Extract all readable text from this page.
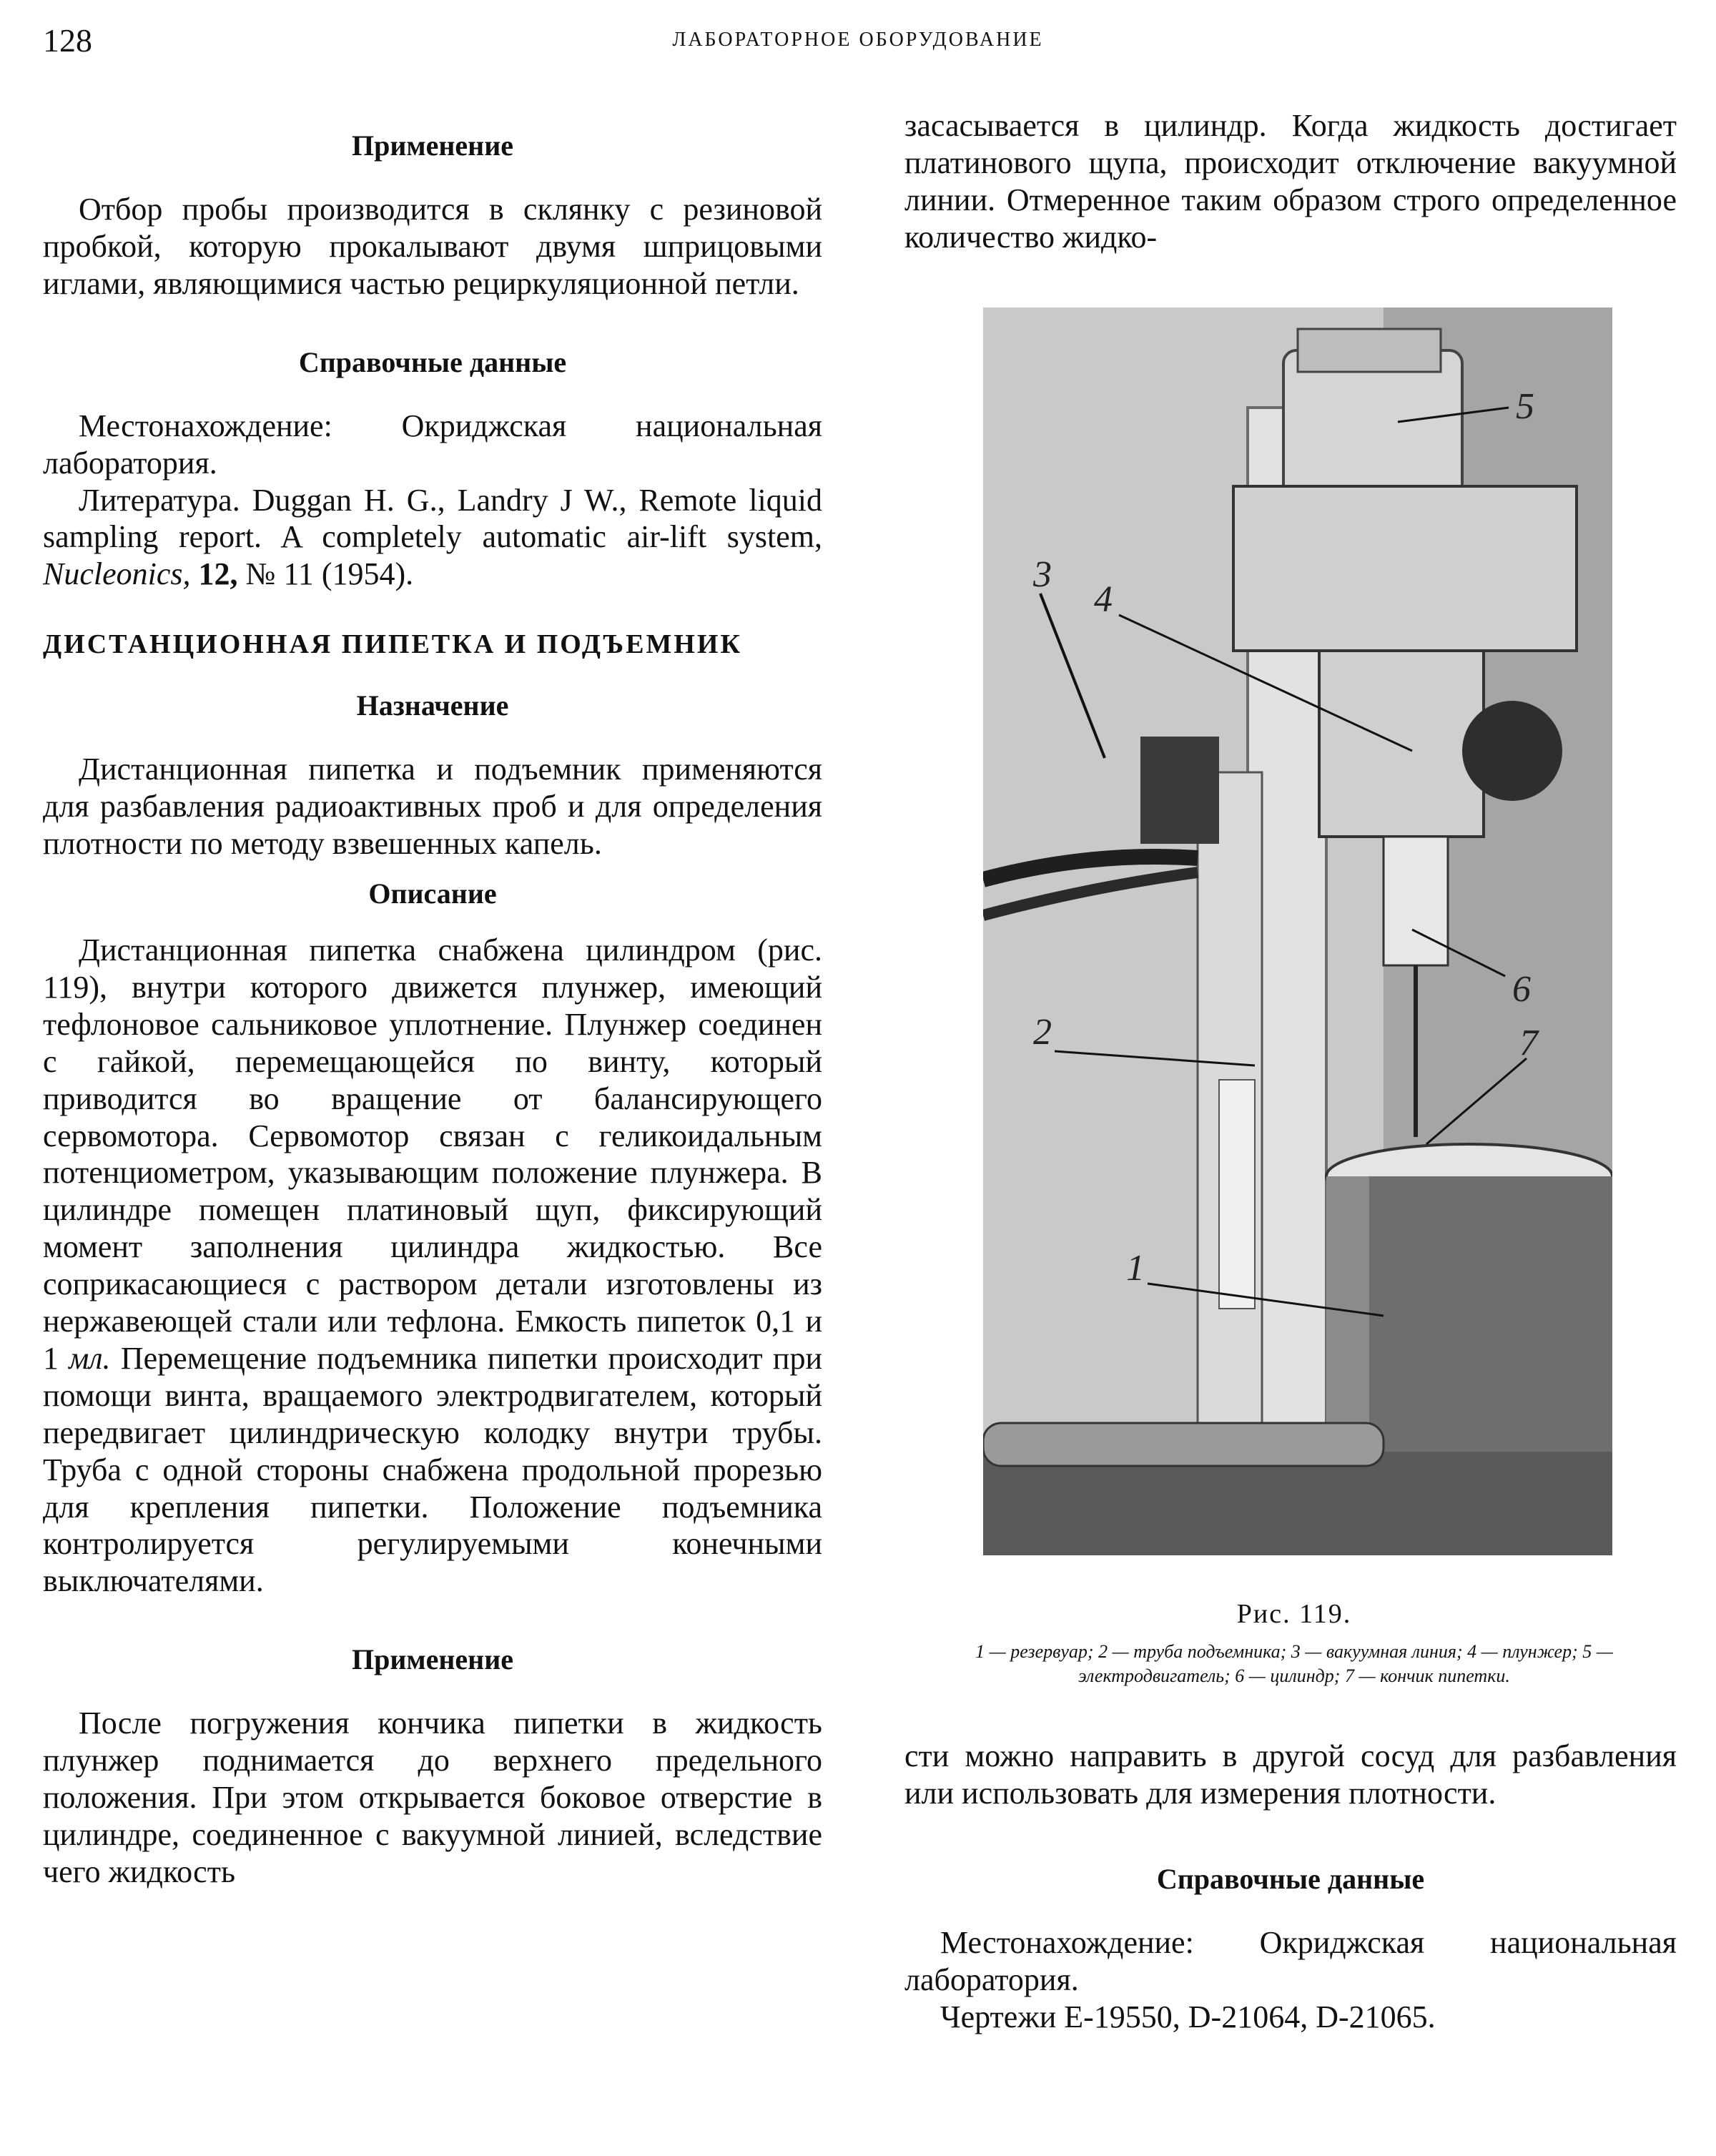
128	ЛАБОРАТОРНОЕ ОБОРУДОВАНИЕ
Применение

Отбор пробы производится в склянку с резиновой пробкой, которую прокалывают двумя шприцовыми иглами, являющимися частью рециркуляционной петли.

Справочные данные

Местонахождение: Окриджская национальная лаборатория.

Литература. Duggan H. G., Landry J W., Remote liquid sampling report. A completely automatic air-lift system, Nucleonics, 12, № 11 (1954).

ДИСТАНЦИОННАЯ ПИПЕТКА И ПОДЪЕМНИК
Назначение

Дистанционная пипетка и подъемник применяются для разбавления радиоактивных проб и для определения плотности по методу взвешенных капель.

Описание

Дистанционная пипетка снабжена цилиндром (рис. 119), внутри которого движется плунжер, имеющий тефлоновое сальниковое уплотнение. Плунжер соединен с гайкой, перемещающейся по винту, который приводится во вращение от балансирующего сервомотора. Сервомотор связан с геликоидальным потенциометром, указывающим положение плунжера. В цилиндре помещен платиновый щуп, фиксирующий момент заполнения цилиндра жидкостью. Все соприкасающиеся с раствором детали изготовлены из нержавеющей стали или тефлона. Емкость пипеток 0,1 и 1 мл. Перемещение подъемника пипетки происходит при помощи винта, вращаемого электродвигателем, который передвигает цилиндрическую колодку внутри трубы. Труба с одной стороны снабжена продольной прорезью для крепления пипетки. Положение подъемника контролируется регулируемыми конечными выключателями.

Применение

После погружения кончика пипетки в жидкость плунжер поднимается до верхнего предельного положения. При этом открывается боковое отверстие в цилиндре, соединенное с вакуумной линией, вследствие чего жидкость

засасывается в цилиндр. Когда жидкость достигает платинового щупа, происходит отключение вакуумной линии. Отмеренное таким образом строго определенное количество жидко-

1
2
3
4
5
6
7
Рис. 119.
1 — резервуар; 2 — труба подъемника; 3 — вакуумная линия; 4 — плунжер; 5 — электродвигатель; 6 — цилиндр; 7 — кончик пипетки.

сти можно направить в другой сосуд для разбавления или использовать для измерения плотности.

Справочные данные

Местонахождение: Окриджская национальная лаборатория.

Чертежи Е-19550, D-21064, D-21065.
